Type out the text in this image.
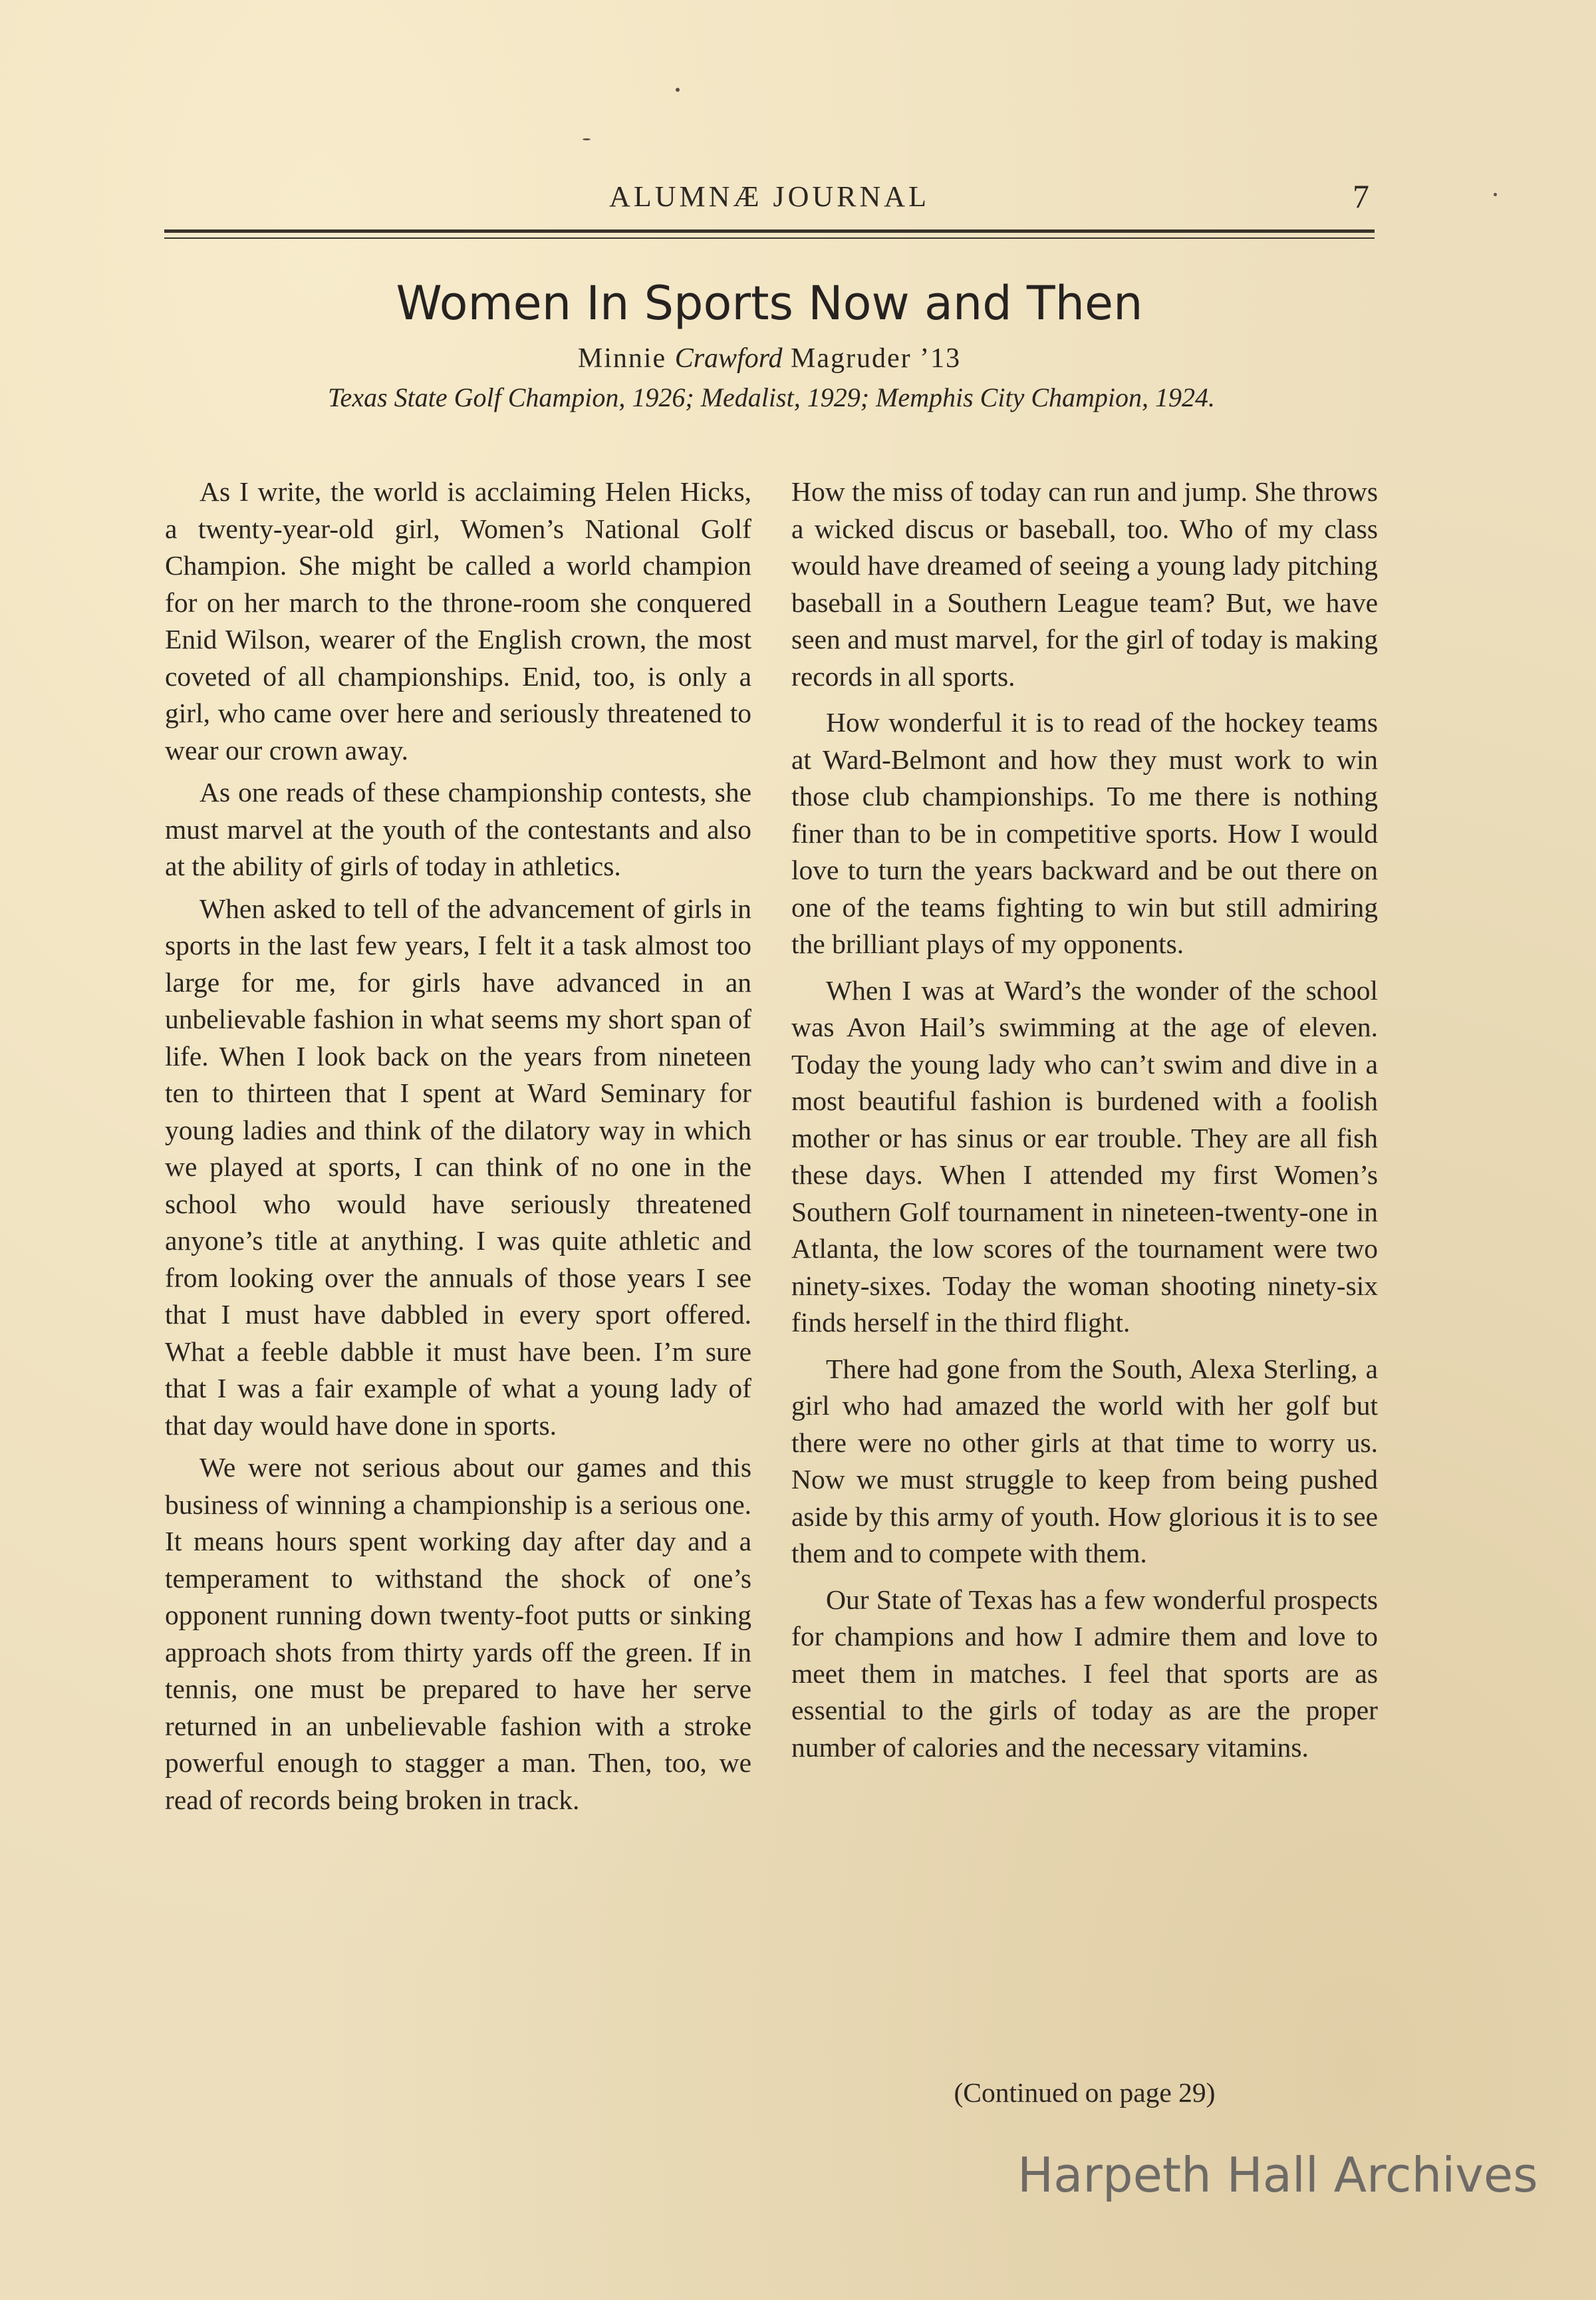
ALUMNÆ JOURNAL	7
Women In Sports Now and Then
Minnie Crawford Magruder ’13
Texas State Golf Champion, 1926; Medalist, 1929; Memphis City Champion, 1924.

As I write, the world is acclaiming Helen Hicks, a twenty-year-old girl, Women’s National Golf Champion. She might be called a world champion for on her march to the throne-room she conquered Enid Wilson, wearer of the English crown, the most coveted of all championships. Enid, too, is only a girl, who came over here and seriously threatened to wear our crown away.

As one reads of these championship contests, she must marvel at the youth of the contestants and also at the ability of girls of today in athletics.

When asked to tell of the advancement of girls in sports in the last few years, I felt it a task almost too large for me, for girls have advanced in an unbelievable fashion in what seems my short span of life. When I look back on the years from nineteen ten to thirteen that I spent at Ward Seminary for young ladies and think of the dilatory way in which we played at sports, I can think of no one in the school who would have seriously threatened anyone’s title at anything. I was quite athletic and from looking over the annuals of those years I see that I must have dabbled in every sport offered. What a feeble dabble it must have been. I’m sure that I was a fair example of what a young lady of that day would have done in sports.

We were not serious about our games and this business of winning a championship is a serious one. It means hours spent working day after day and a temperament to withstand the shock of one’s opponent running down twenty-foot putts or sinking approach shots from thirty yards off the green. If in tennis, one must be prepared to have her serve returned in an unbelievable fashion with a stroke powerful enough to stagger a man. Then, too, we read of records being broken in track.

How the miss of today can run and jump. She throws a wicked discus or baseball, too. Who of my class would have dreamed of seeing a young lady pitching baseball in a Southern League team? But, we have seen and must marvel, for the girl of today is making records in all sports.

How wonderful it is to read of the hockey teams at Ward-Belmont and how they must work to win those club championships. To me there is nothing finer than to be in competitive sports. How I would love to turn the years backward and be out there on one of the teams fighting to win but still admiring the brilliant plays of my opponents.

When I was at Ward’s the wonder of the school was Avon Hail’s swimming at the age of eleven. Today the young lady who can’t swim and dive in a most beautiful fashion is burdened with a foolish mother or has sinus or ear trouble. They are all fish these days. When I attended my first Women’s Southern Golf tournament in nineteen-twenty-one in Atlanta, the low scores of the tournament were two ninety-sixes. Today the woman shooting ninety-six finds herself in the third flight.

There had gone from the South, Alexa Sterling, a girl who had amazed the world with her golf but there were no other girls at that time to worry us. Now we must struggle to keep from being pushed aside by this army of youth. How glorious it is to see them and to compete with them.

Our State of Texas has a few wonderful prospects for champions and how I admire them and love to meet them in matches. I feel that sports are as essential to the girls of today as are the proper number of calories and the necessary vitamins.

(Continued on page 29)
Harpeth Hall Archives
